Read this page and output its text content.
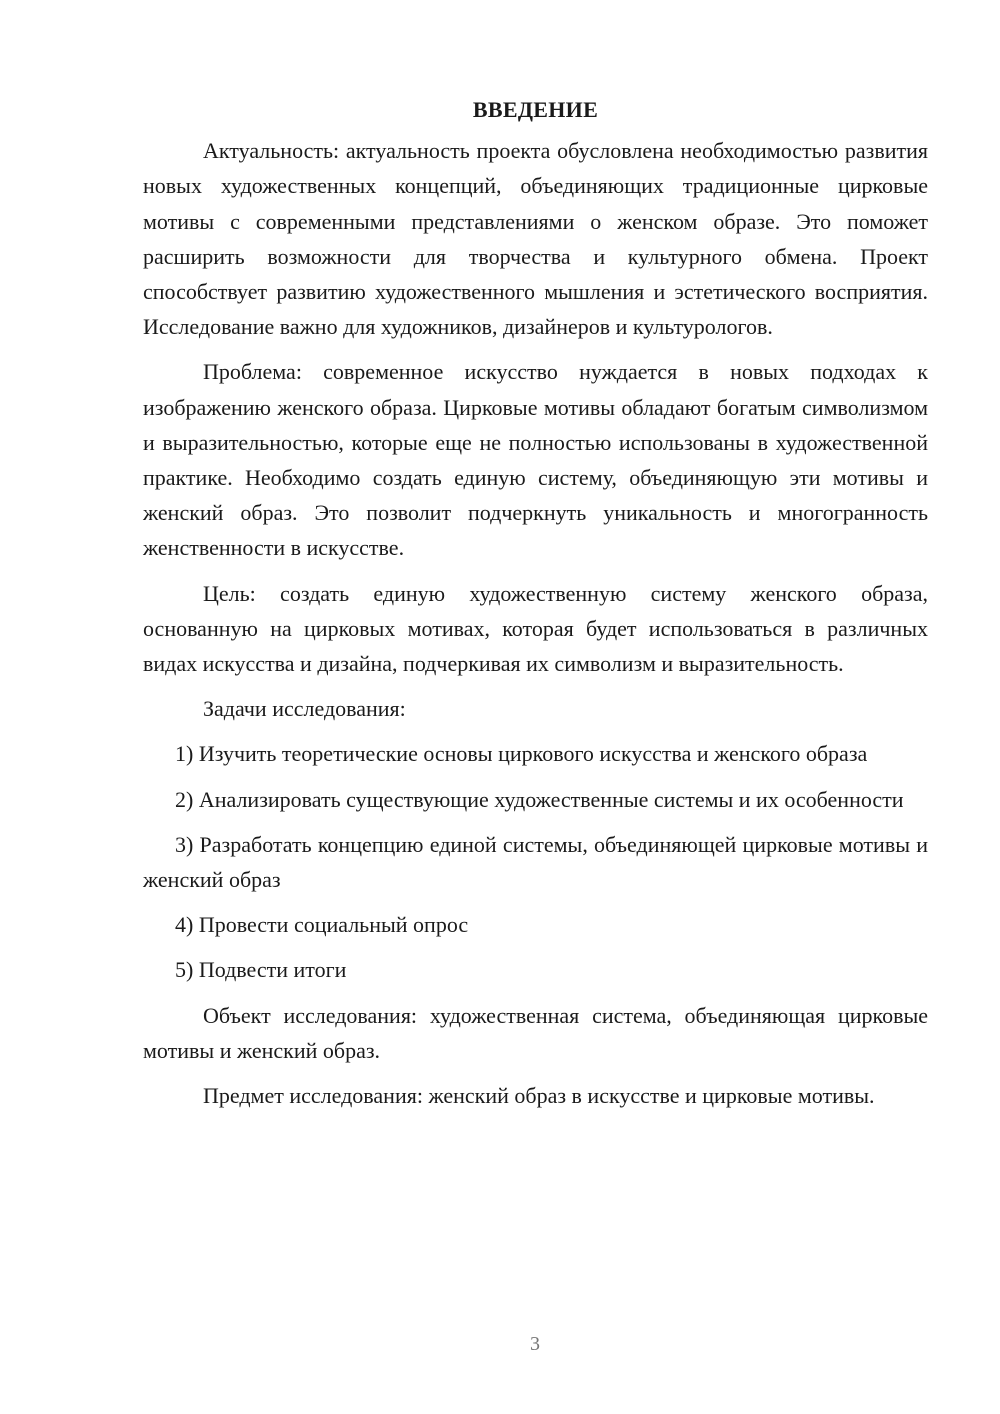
ВВЕДЕНИЕ

Актуальность: актуальность проекта обусловлена необходимостью развития новых художественных концепций, объединяющих традиционные цирковые мотивы с современными представлениями о женском образе. Это поможет расширить возможности для творчества и культурного обмена. Проект способствует развитию художественного мышления и эстетического восприятия. Исследование важно для художников, дизайнеров и культурологов.

Проблема: современное искусство нуждается в новых подходах к изображению женского образа. Цирковые мотивы обладают богатым символизмом и выразительностью, которые еще не полностью использованы в художественной практике. Необходимо создать единую систему, объединяющую эти мотивы и женский образ. Это позволит подчеркнуть уникальность и многогранность женственности в искусстве.

Цель: создать единую художественную систему женского образа, основанную на цирковых мотивах, которая будет использоваться в различных видах искусства и дизайна, подчеркивая их символизм и выразительность.

Задачи исследования:

1) Изучить теоретические основы циркового искусства и женского образа

2) Анализировать существующие художественные системы и их особенности

3) Разработать концепцию единой системы, объединяющей цирковые мотивы и женский образ

4) Провести социальный опрос

5) Подвести итоги

Объект исследования: художественная система, объединяющая цирковые мотивы и женский образ.

Предмет исследования: женский образ в искусстве и цирковые мотивы.

3
